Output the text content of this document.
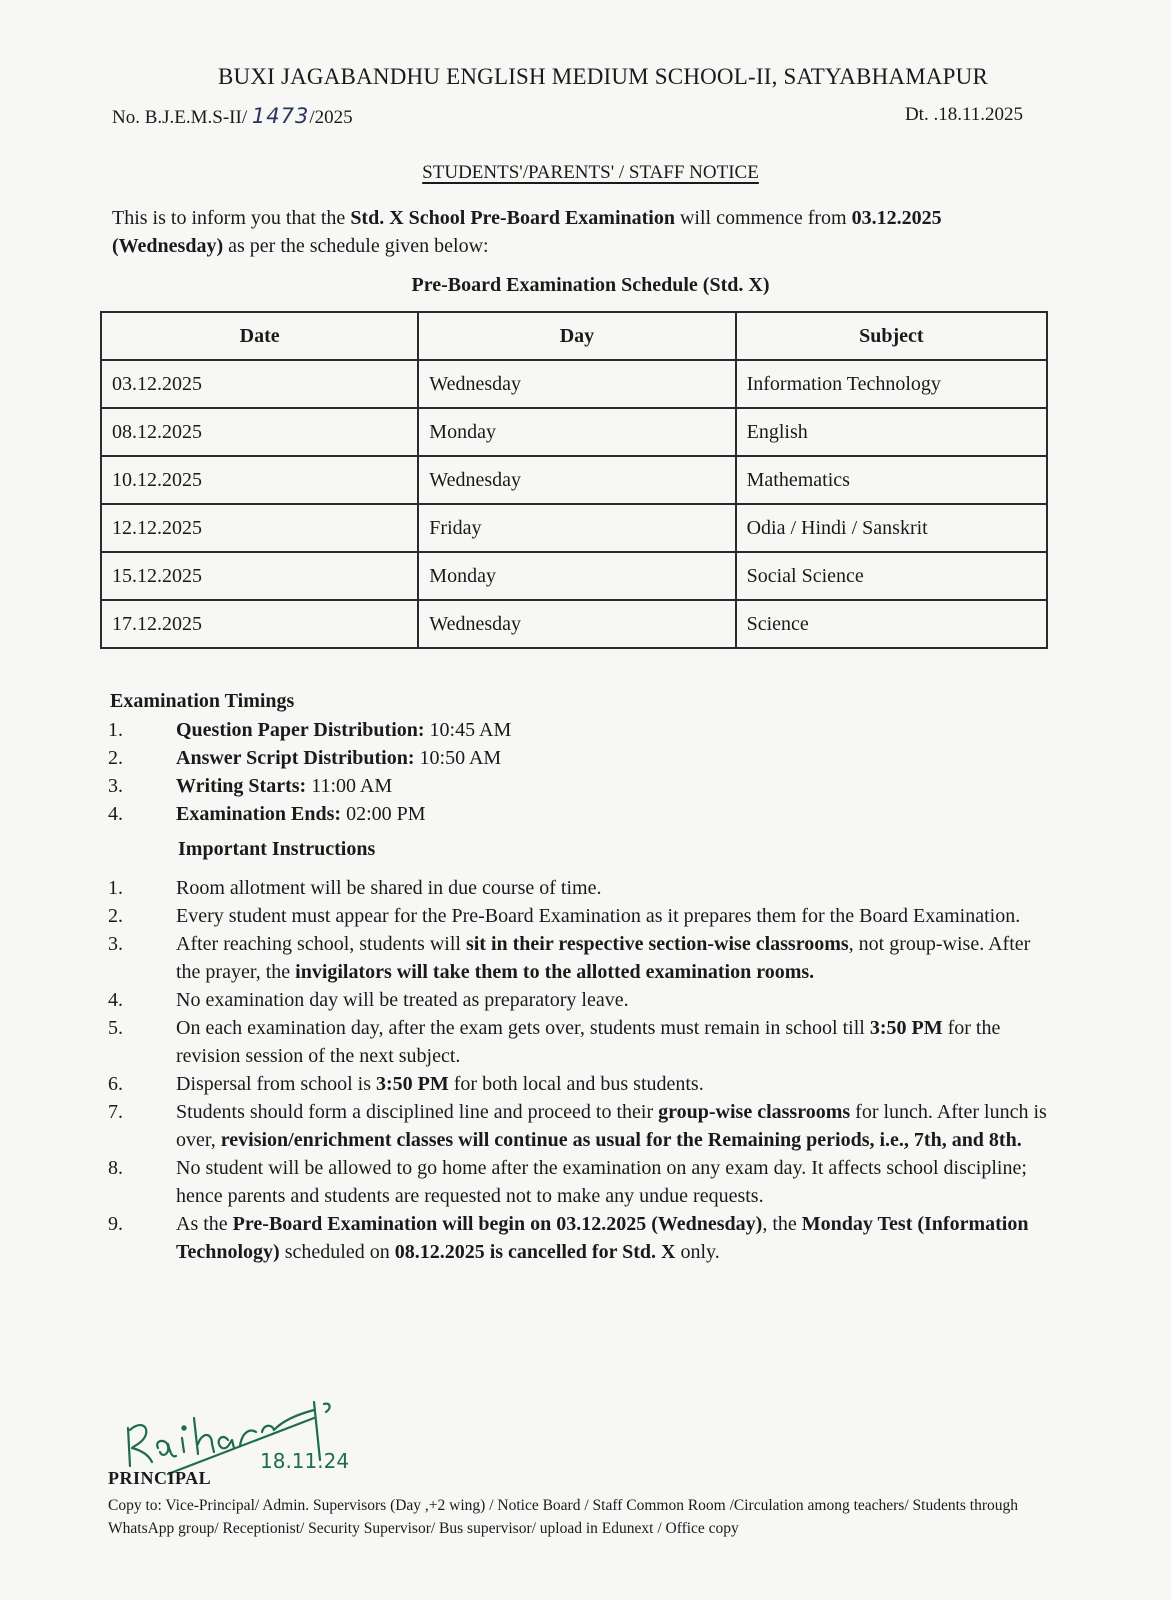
BUXI JAGABANDHU ENGLISH MEDIUM SCHOOL-II, SATYABHAMAPUR
No. B.J.E.M.S-II/ 1473/2025	Dt. .18.11.2025
STUDENTS'/PARENTS' / STAFF NOTICE
This is to inform you that the Std. X School Pre-Board Examination will commence from 03.12.2025 (Wednesday) as per the schedule given below:
Pre-Board Examination Schedule (Std. X)
Date	Day	Subject
03.12.2025	Wednesday	Information Technology
08.12.2025	Monday	English
10.12.2025	Wednesday	Mathematics
12.12.2025	Friday	Odia / Hindi / Sanskrit
15.12.2025	Monday	Social Science
17.12.2025	Wednesday	Science
Examination Timings
1.	Question Paper Distribution: 10:45 AM
2.	Answer Script Distribution: 10:50 AM
3.	Writing Starts: 11:00 AM
4.	Examination Ends: 02:00 PM
Important Instructions
1.	Room allotment will be shared in due course of time.
2.	Every student must appear for the Pre-Board Examination as it prepares them for the Board Examination.
3.	After reaching school, students will sit in their respective section-wise classrooms, not group-wise. After the prayer, the invigilators will take them to the allotted examination rooms.
4.	No examination day will be treated as preparatory leave.
5.	On each examination day, after the exam gets over, students must remain in school till 3:50 PM for the revision session of the next subject.
6.	Dispersal from school is 3:50 PM for both local and bus students.
7.	Students should form a disciplined line and proceed to their group-wise classrooms for lunch. After lunch is over, revision/enrichment classes will continue as usual for the Remaining periods, i.e., 7th, and 8th.
8.	No student will be allowed to go home after the examination on any exam day. It affects school discipline; hence parents and students are requested not to make any undue requests.
9.	As the Pre-Board Examination will begin on 03.12.2025 (Wednesday), the Monday Test (Information Technology) scheduled on 08.12.2025 is cancelled for Std. X only.
18.11.24
PRINCIPAL
Copy to: Vice-Principal/ Admin. Supervisors (Day ,+2 wing) / Notice Board / Staff Common Room /Circulation among teachers/ Students through WhatsApp group/ Receptionist/ Security Supervisor/ Bus supervisor/ upload in Edunext / Office copy
